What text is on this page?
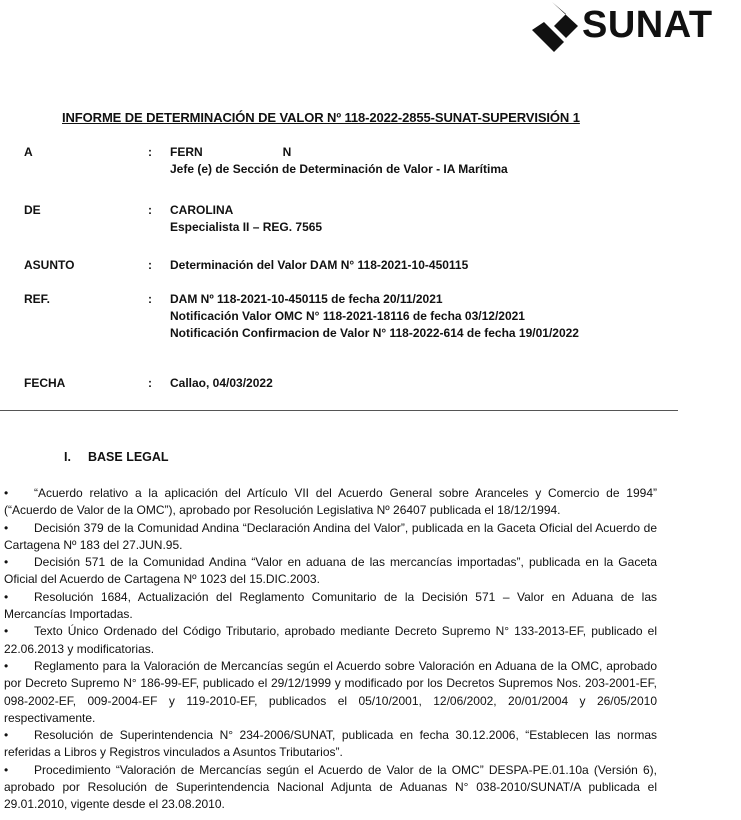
SUNAT
INFORME DE DETERMINACIÓN DE VALOR Nº 118-2022-2855-SUNAT-SUPERVISIÓN 1
A	: FERN	N
Jefe (e) de Sección de Determinación de Valor - IA Marítima
DE	: CAROLINA
Especialista II – REG. 7565
ASUNTO	: Determinación del Valor DAM N° 118-2021-10-450115
REF.	: DAM Nº 118-2021-10-450115 de fecha 20/11/2021
Notificación Valor OMC N° 118-2021-18116 de fecha 03/12/2021
Notificación Confirmacion de Valor N° 118-2022-614 de fecha 19/01/2022
FECHA	: Callao, 04/03/2022
I. BASE LEGAL

• “Acuerdo relativo a la aplicación del Artículo VII del Acuerdo General sobre Aranceles y Comercio de 1994” (“Acuerdo de Valor de la OMC”), aprobado por Resolución Legislativa Nº 26407 publicada el 18/12/1994.

• Decisión 379 de la Comunidad Andina “Declaración Andina del Valor”, publicada en la Gaceta Oficial del Acuerdo de Cartagena Nº 183 del 27.JUN.95.

• Decisión 571 de la Comunidad Andina “Valor en aduana de las mercancías importadas”, publicada en la Gaceta Oficial del Acuerdo de Cartagena Nº 1023 del 15.DIC.2003.

• Resolución 1684, Actualización del Reglamento Comunitario de la Decisión 571 – Valor en Aduana de las Mercancías Importadas.

• Texto Único Ordenado del Código Tributario, aprobado mediante Decreto Supremo N° 133-2013-EF, publicado el 22.06.2013 y modificatorias.

• Reglamento para la Valoración de Mercancías según el Acuerdo sobre Valoración en Aduana de la OMC, aprobado por Decreto Supremo N° 186-99-EF, publicado el 29/12/1999 y modificado por los Decretos Supremos Nos. 203-2001-EF, 098-2002-EF, 009-2004-EF y 119-2010-EF, publicados el 05/10/2001, 12/06/2002, 20/01/2004 y 26/05/2010 respectivamente.

• Resolución de Superintendencia N° 234-2006/SUNAT, publicada en fecha 30.12.2006, “Establecen las normas referidas a Libros y Registros vinculados a Asuntos Tributarios”.

• Procedimiento “Valoración de Mercancías según el Acuerdo de Valor de la OMC” DESPA-PE.01.10a (Versión 6), aprobado por Resolución de Superintendencia Nacional Adjunta de Aduanas N° 038-2010/SUNAT/A publicada el 29.01.2010, vigente desde el 23.08.2010.
